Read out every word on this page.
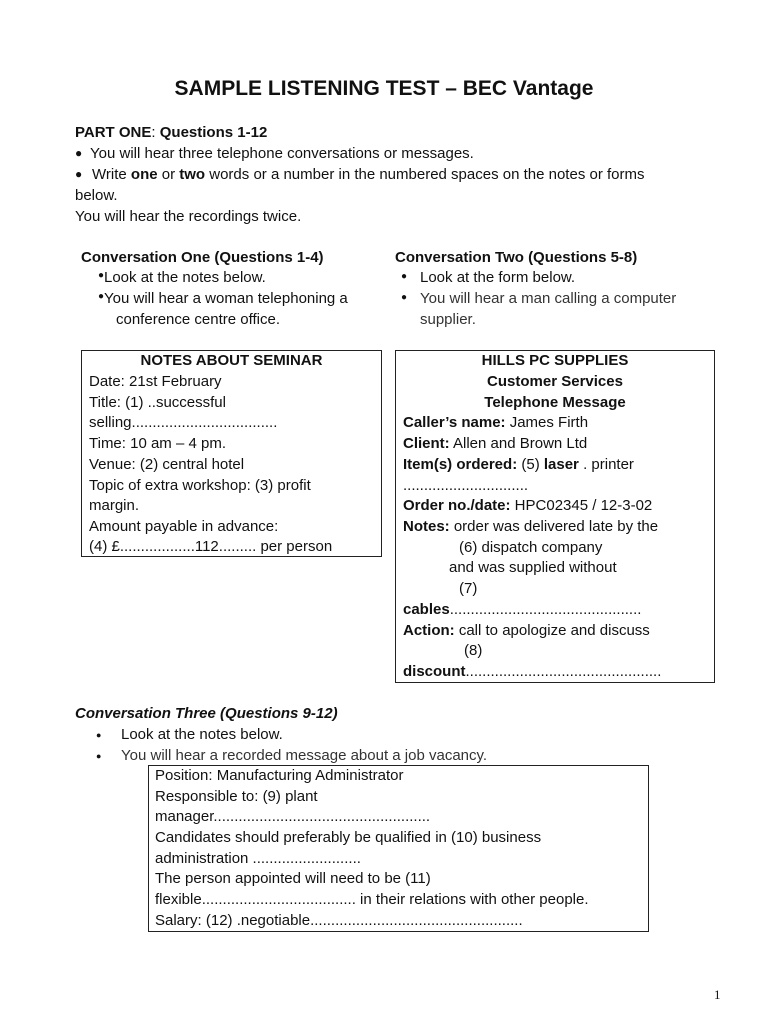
SAMPLE LISTENING TEST – BEC Vantage
PART ONE: Questions 1-12
● You will hear three telephone conversations or messages.
● Write one or two words or a number in the numbered spaces on the notes or forms
below.
You will hear the recordings twice.
Conversation One (Questions 1-4)
● Look at the notes below.
● You will hear a woman telephoning a
conference centre office.
Conversation Two (Questions 5-8)
● Look at the form below.
● You will hear a man calling a computer
supplier.
NOTES ABOUT SEMINAR
Date: 21st February
Title: (1) ..successful
selling...................................
Time: 10 am – 4 pm.
Venue: (2) central hotel
Topic of extra workshop: (3) profit
margin.
Amount payable in advance:
(4) £..................112......... per person
HILLS PC SUPPLIES
Customer Services
Telephone Message
Caller’s name: James Firth
Client: Allen and Brown Ltd
Item(s) ordered: (5) laser . printer
..............................
Order no./date: HPC02345 / 12-3-02
Notes: order was delivered late by the
(6) dispatch company
and was supplied without
(7)
cables..............................................
Action: call to apologize and discuss
(8)
discount...............................................
Conversation Three (Questions 9-12)
● Look at the notes below.
● You will hear a recorded message about a job vacancy.
Position: Manufacturing Administrator
Responsible to: (9) plant
manager....................................................
Candidates should preferably be qualified in (10) business
administration ..........................
The person appointed will need to be (11)
flexible..................................... in their relations with other people.
Salary: (12) .negotiable...................................................
1
